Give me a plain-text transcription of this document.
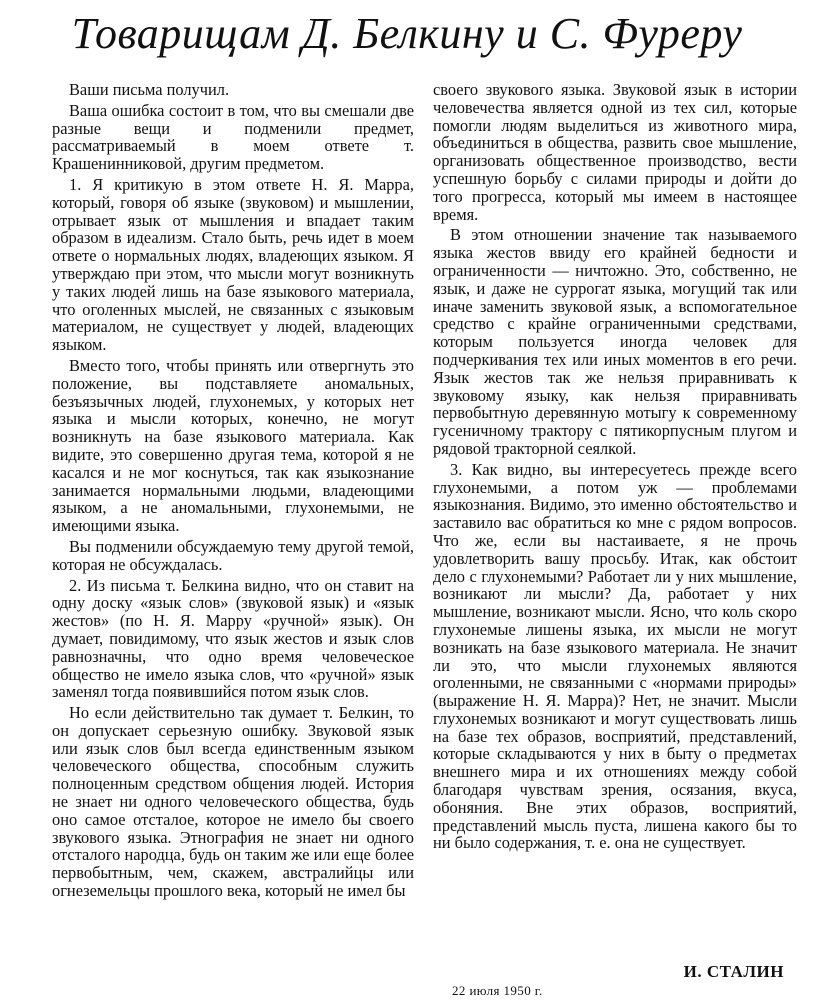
Товарищам Д. Белкину и С. Фуреру

Ваши письма получил.

Ваша ошибка состоит в том, что вы смешали две разные вещи и подменили предмет, рассматриваемый в моем ответе т. Крашенинниковой, другим предметом.

1. Я критикую в этом ответе Н. Я. Марра, который, говоря об языке (звуковом) и мышлении, отрывает язык от мышления и впадает таким образом в идеализм. Стало быть, речь идет в моем ответе о нормальных людях, владеющих языком. Я утверждаю при этом, что мысли могут возникнуть у таких людей лишь на базе языкового материала, что оголенных мыслей, не связанных с языковым материалом, не существует у людей, владеющих языком.

Вместо того, чтобы принять или отвергнуть это положение, вы подставляете аномальных, безъязычных людей, глухонемых, у которых нет языка и мысли которых, конечно, не могут возникнуть на базе языкового материала. Как видите, это совершенно другая тема, которой я не касался и не мог коснуться, так как языкознание занимается нормальными людьми, владеющими языком, а не аномальными, глухонемыми, не имеющими языка.

Вы подменили обсуждаемую тему другой темой, которая не обсуждалась.

2. Из письма т. Белкина видно, что он ставит на одну доску «язык слов» (звуковой язык) и «язык жестов» (по Н. Я. Марру «ручной» язык). Он думает, повидимому, что язык жестов и язык слов равнозначны, что одно время человеческое общество не имело языка слов, что «ручной» язык заменял тогда появившийся потом язык слов.

Но если действительно так думает т. Белкин, то он допускает серьезную ошибку. Звуковой язык или язык слов был всегда единственным языком человеческого общества, способным служить полноценным средством общения людей. История не знает ни одного человеческого общества, будь оно самое отсталое, которое не имело бы своего звукового языка. Этнография не знает ни одного отсталого народца, будь он таким же или еще более первобытным, чем, скажем, австралийцы или огнеземельцы прошлого века, который не имел бы

своего звукового языка. Звуковой язык в истории человечества является одной из тех сил, которые помогли людям выделиться из животного мира, объединиться в общества, развить свое мышление, организовать общественное производство, вести успешную борьбу с силами природы и дойти до того прогресса, который мы имеем в настоящее время.

В этом отношении значение так называемого языка жестов ввиду его крайней бедности и ограниченности — ничтожно. Это, собственно, не язык, и даже не суррогат языка, могущий так или иначе заменить звуковой язык, а вспомогательное средство с крайне ограниченными средствами, которым пользуется иногда человек для подчеркивания тех или иных моментов в его речи. Язык жестов так же нельзя приравнивать к звуковому языку, как нельзя приравнивать первобытную деревянную мотыгу к современному гусеничному трактору с пятикорпусным плугом и рядовой тракторной сеялкой.

3. Как видно, вы интересуетесь прежде всего глухонемыми, а потом уж — проблемами языкознания. Видимо, это именно обстоятельство и заставило вас обратиться ко мне с рядом вопросов. Что же, если вы настаиваете, я не прочь удовлетворить вашу просьбу. Итак, как обстоит дело с глухонемыми? Работает ли у них мышление, возникают ли мысли? Да, работает у них мышление, возникают мысли. Ясно, что коль скоро глухонемые лишены языка, их мысли не могут возникать на базе языкового материала. Не значит ли это, что мысли глухонемых являются оголенными, не связанными с «нормами природы» (выражение Н. Я. Марра)? Нет, не значит. Мысли глухонемых возникают и могут существовать лишь на базе тех образов, восприятий, представлений, которые складываются у них в быту о предметах внешнего мира и их отношениях между собой благодаря чувствам зрения, осязания, вкуса, обоняния. Вне этих образов, восприятий, представлений мысль пуста, лишена какого бы то ни было содержания, т. е. она не существует.

И. СТАЛИН
22 июля 1950 г.
